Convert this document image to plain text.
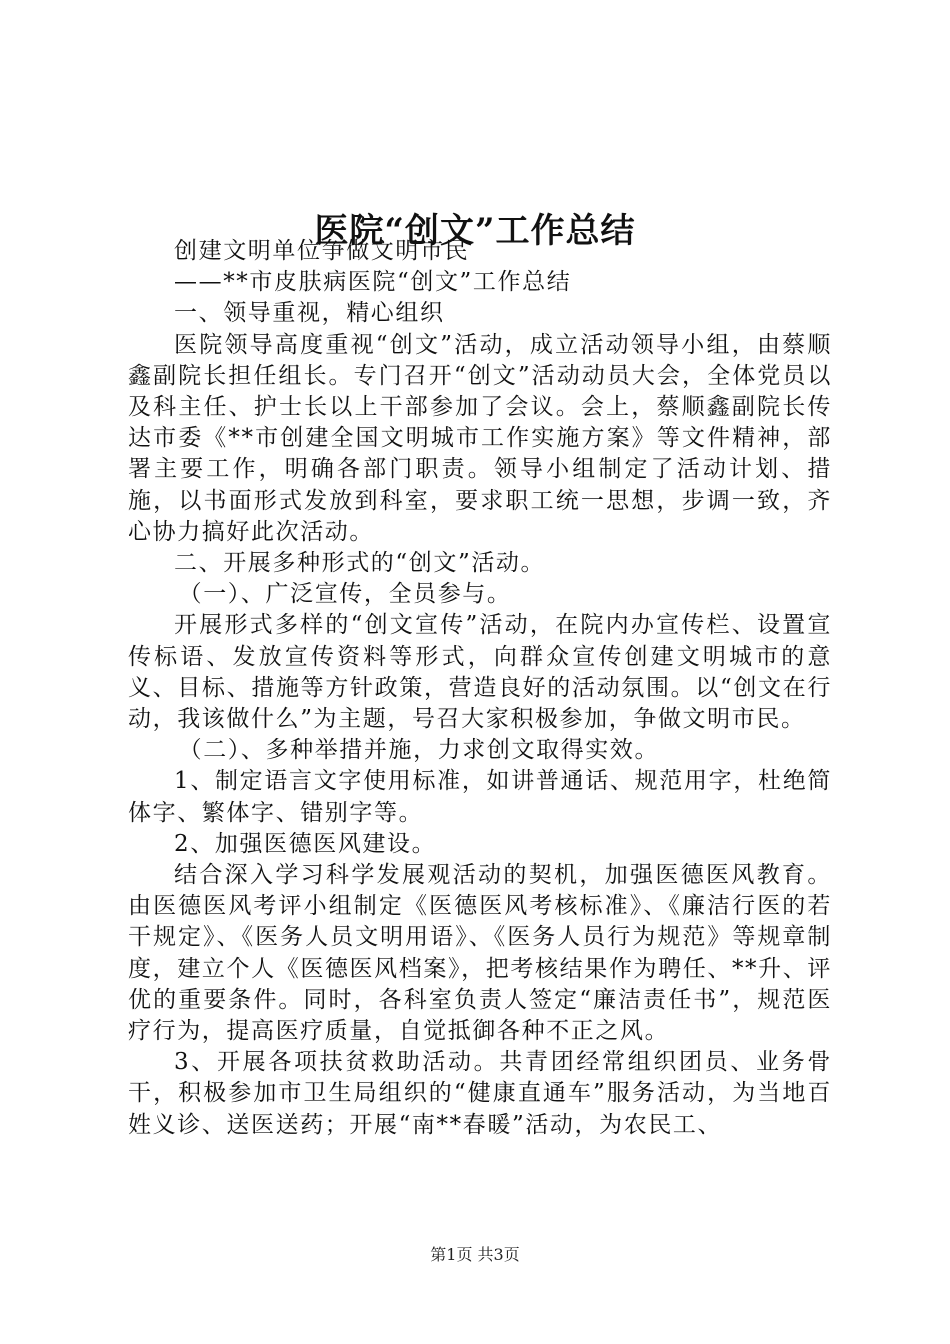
医院“创文”工作总结

创建文明单位争做文明市民

——**市皮肤病医院“创文”工作总结

一、领导重视，精心组织

医院领导高度重视“创文”活动，成立活动领导小组，由蔡顺鑫副院长担任组长。专门召开“创文”活动动员大会，全体党员以及科主任、护士长以上干部参加了会议。会上，蔡顺鑫副院长传达市委《**市创建全国文明城市工作实施方案》等文件精神，部署主要工作，明确各部门职责。领导小组制定了活动计划、措施，以书面形式发放到科室，要求职工统一思想，步调一致，齐心协力搞好此次活动。

二、开展多种形式的“创文”活动。

（一）、广泛宣传，全员参与。

开展形式多样的“创文宣传”活动，在院内办宣传栏、设置宣传标语、发放宣传资料等形式，向群众宣传创建文明城市的意义、目标、措施等方针政策，营造良好的活动氛围。以“创文在行动，我该做什么”为主题，号召大家积极参加，争做文明市民。

（二）、多种举措并施，力求创文取得实效。

1、制定语言文字使用标准，如讲普通话、规范用字，杜绝简体字、繁体字、错别字等。

2、加强医德医风建设。

结合深入学习科学发展观活动的契机，加强医德医风教育。由医德医风考评小组制定《医德医风考核标准》、《廉洁行医的若干规定》、《医务人员文明用语》、《医务人员行为规范》等规章制度，建立个人《医德医风档案》，把考核结果作为聘任、**升、评优的重要条件。同时，各科室负责人签定“廉洁责任书”，规范医疗行为，提高医疗质量，自觉抵御各种不正之风。

3、开展各项扶贫救助活动。共青团经常组织团员、业务骨干，积极参加市卫生局组织的“健康直通车”服务活动，为当地百姓义诊、送医送药；开展“南**春暖”活动，为农民工、

第1页 共3页
